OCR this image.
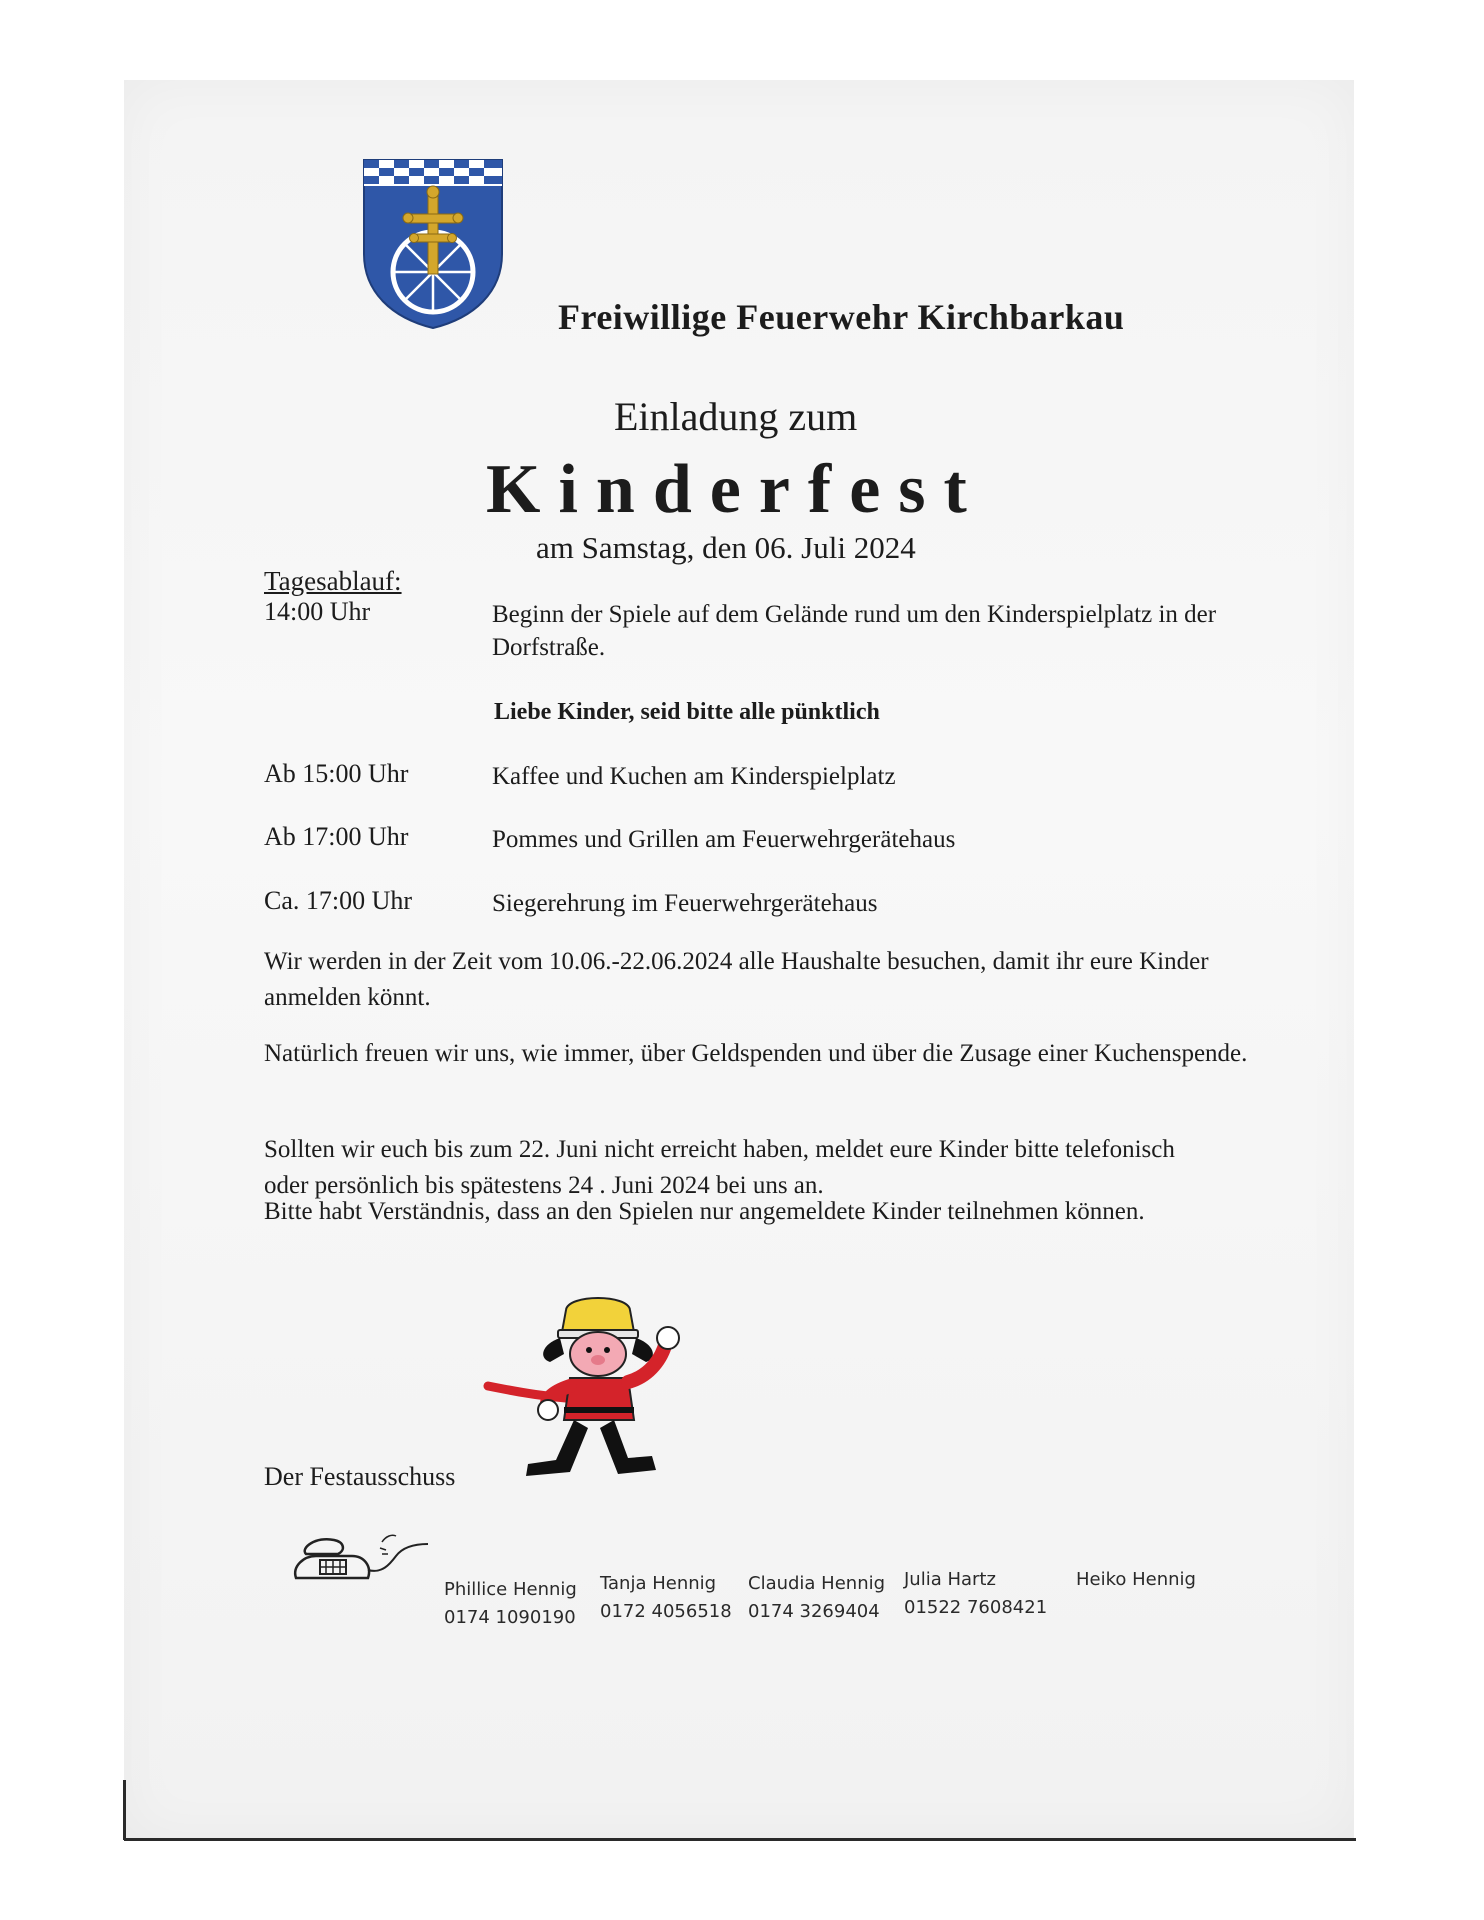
Freiwillige Feuerwehr Kirchbarkau
Einladung zum
Kinderfest
am Samstag, den 06. Juli 2024
Tagesablauf:
14:00 Uhr	Beginn der Spiele auf dem Gelände rund um den Kinderspielplatz in der Dorfstraße.
Liebe Kinder, seid bitte alle pünktlich
Ab 15:00 Uhr	Kaffee und Kuchen am Kinderspielplatz
Ab 17:00 Uhr	Pommes und Grillen am Feuerwehrgerätehaus
Ca. 17:00 Uhr	Siegerehrung im Feuerwehrgerätehaus
Wir werden in der Zeit vom 10.06.-22.06.2024 alle Haushalte besuchen, damit ihr eure Kinder anmelden könnt.
Natürlich freuen wir uns, wie immer, über Geldspenden und über die Zusage einer Kuchenspende.
Sollten wir euch bis zum 22. Juni nicht erreicht haben, meldet eure Kinder bitte telefonisch oder persönlich bis spätestens 24 . Juni 2024 bei uns an.
Bitte habt Verständnis, dass an den Spielen nur angemeldete Kinder teilnehmen können.
Der Festausschuss
Phillice Hennig
0174 1090190
Tanja Hennig
0172 4056518
Claudia Hennig
0174 3269404
Julia Hartz
01522 7608421
Heiko Hennig
